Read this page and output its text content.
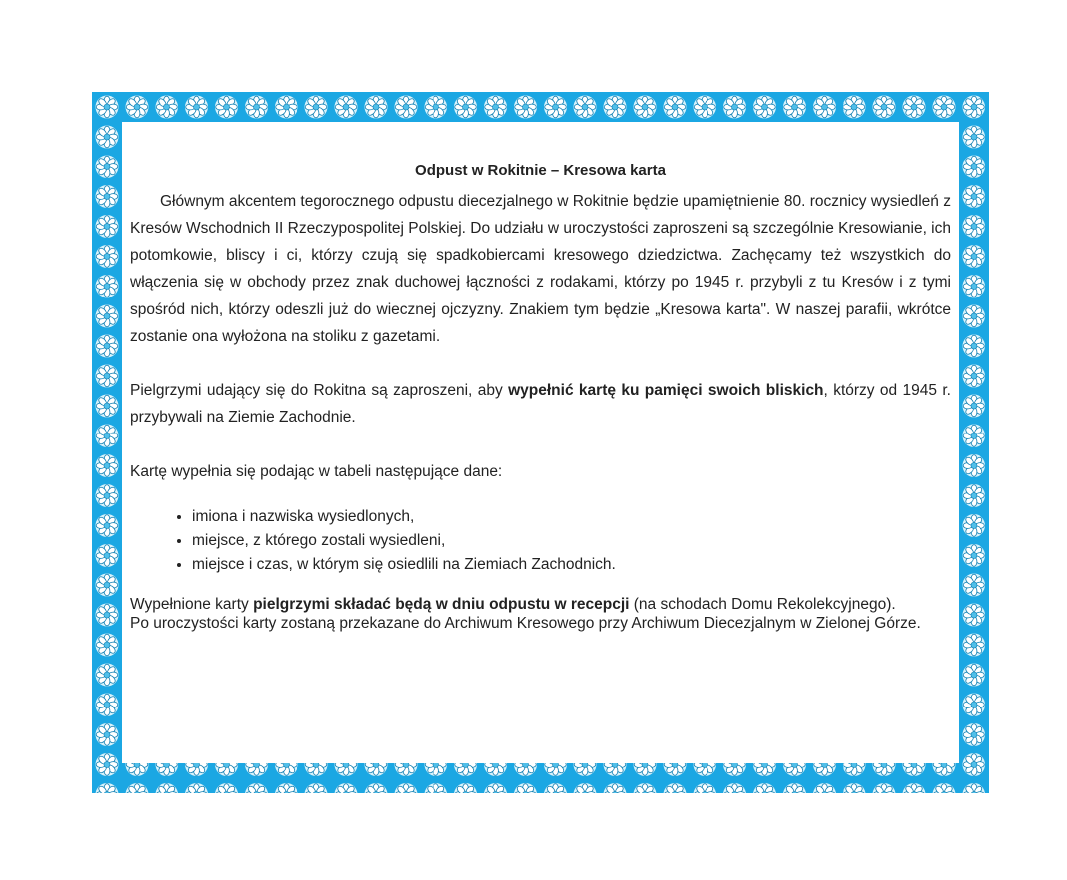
Odpust w Rokitnie – Kresowa karta

Głównym akcentem tegorocznego odpustu diecezjalnego w Rokitnie będzie upamiętnienie 80. rocznicy wysiedleń z Kresów Wschodnich II Rzeczypospolitej Polskiej. Do udziału w uroczystości zaproszeni są szczególnie Kresowianie, ich potomkowie, bliscy i ci, którzy czują się spadkobiercami kresowego dziedzictwa. Zachęcamy też wszystkich do włączenia się w obchody przez znak duchowej łączności z rodakami, którzy po 1945 r. przybyli z tu Kresów i z tymi spośród nich, którzy odeszli już do wiecznej ojczyzny. Znakiem tym będzie „Kresowa karta". W naszej parafii, wkrótce zostanie ona wyłożona na stoliku z gazetami.

Pielgrzymi udający się do Rokitna są zaproszeni, aby wypełnić kartę ku pamięci swoich bliskich, którzy od 1945 r. przybywali na Ziemie Zachodnie.

Kartę wypełnia się podając w tabeli następujące dane:

• imiona i nazwiska wysiedlonych,
• miejsce, z którego zostali wysiedleni,
• miejsce i czas, w którym się osiedlili na Ziemiach Zachodnich.

Wypełnione karty pielgrzymi składać będą w dniu odpustu w recepcji (na schodach Domu Rekolekcyjnego).
Po uroczystości karty zostaną przekazane do Archiwum Kresowego przy Archiwum Diecezjalnym w Zielonej Górze.
